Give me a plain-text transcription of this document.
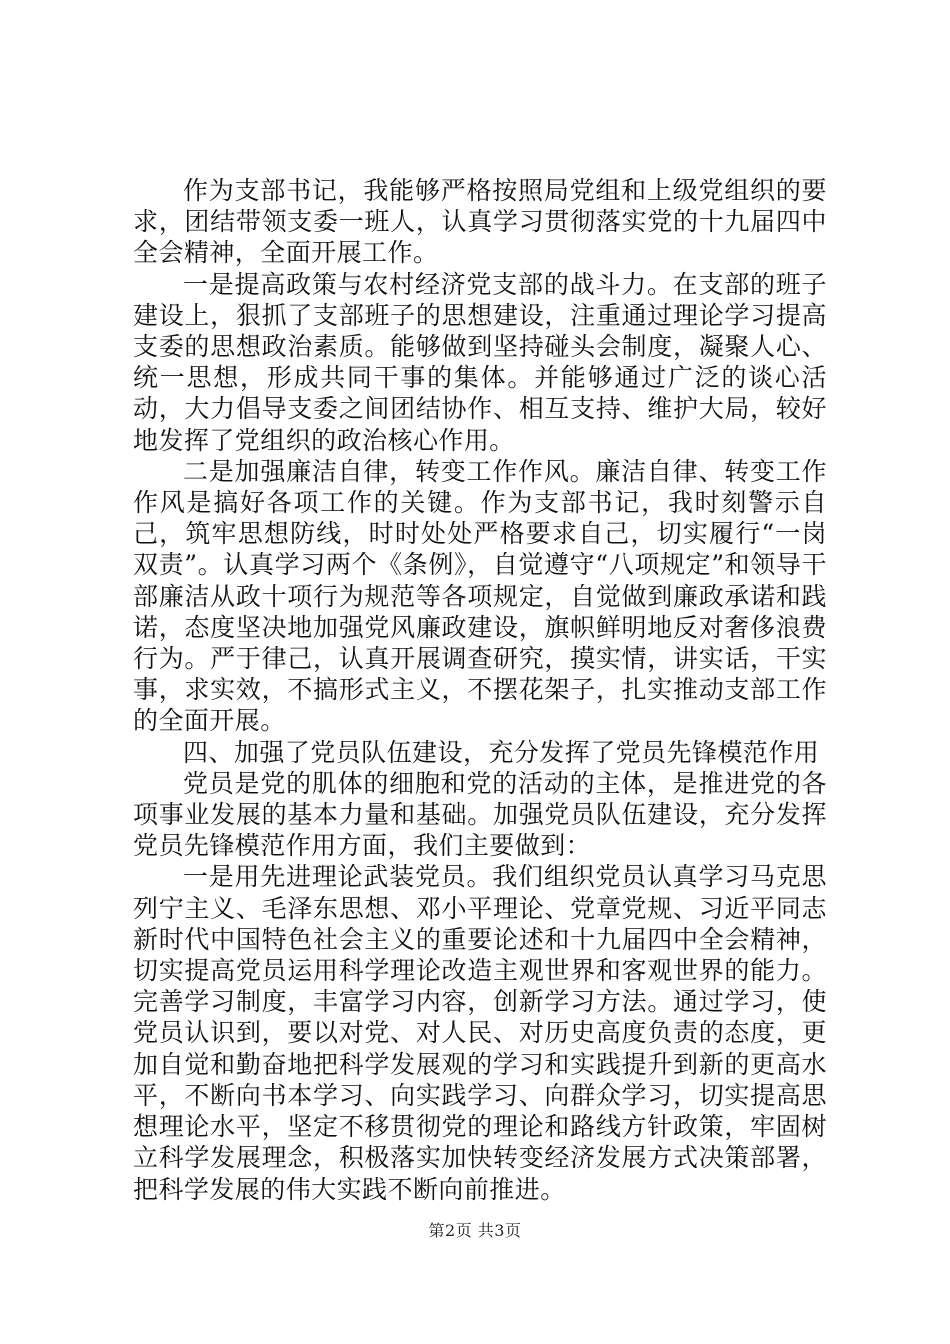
作为支部书记，我能够严格按照局党组和上级党组织的要求，团结带领支委一班人，认真学习贯彻落实党的十九届四中全会精神，全面开展工作。

一是提高政策与农村经济党支部的战斗力。在支部的班子建设上，狠抓了支部班子的思想建设，注重通过理论学习提高支委的思想政治素质。能够做到坚持碰头会制度，凝聚人心、统一思想，形成共同干事的集体。并能够通过广泛的谈心活动，大力倡导支委之间团结协作、相互支持、维护大局，较好地发挥了党组织的政治核心作用。

二是加强廉洁自律，转变工作作风。廉洁自律、转变工作作风是搞好各项工作的关键。作为支部书记，我时刻警示自己，筑牢思想防线，时时处处严格要求自己，切实履行“一岗双责”。认真学习两个《条例》，自觉遵守“八项规定”和领导干部廉洁从政十项行为规范等各项规定，自觉做到廉政承诺和践诺，态度坚决地加强党风廉政建设，旗帜鲜明地反对奢侈浪费行为。严于律己，认真开展调查研究，摸实情，讲实话，干实事，求实效，不搞形式主义，不摆花架子，扎实推动支部工作的全面开展。

四、加强了党员队伍建设，充分发挥了党员先锋模范作用

党员是党的肌体的细胞和党的活动的主体，是推进党的各项事业发展的基本力量和基础。加强党员队伍建设，充分发挥党员先锋模范作用方面，我们主要做到：

一是用先进理论武装党员。我们组织党员认真学习马克思列宁主义、毛泽东思想、邓小平理论、党章党规、习近平同志新时代中国特色社会主义的重要论述和十九届四中全会精神，切实提高党员运用科学理论改造主观世界和客观世界的能力。完善学习制度，丰富学习内容，创新学习方法。通过学习，使党员认识到，要以对党、对人民、对历史高度负责的态度，更加自觉和勤奋地把科学发展观的学习和实践提升到新的更高水平，不断向书本学习、向实践学习、向群众学习，切实提高思想理论水平，坚定不移贯彻党的理论和路线方针政策，牢固树立科学发展理念，积极落实加快转变经济发展方式决策部署，把科学发展的伟大实践不断向前推进。

第2页 共3页
